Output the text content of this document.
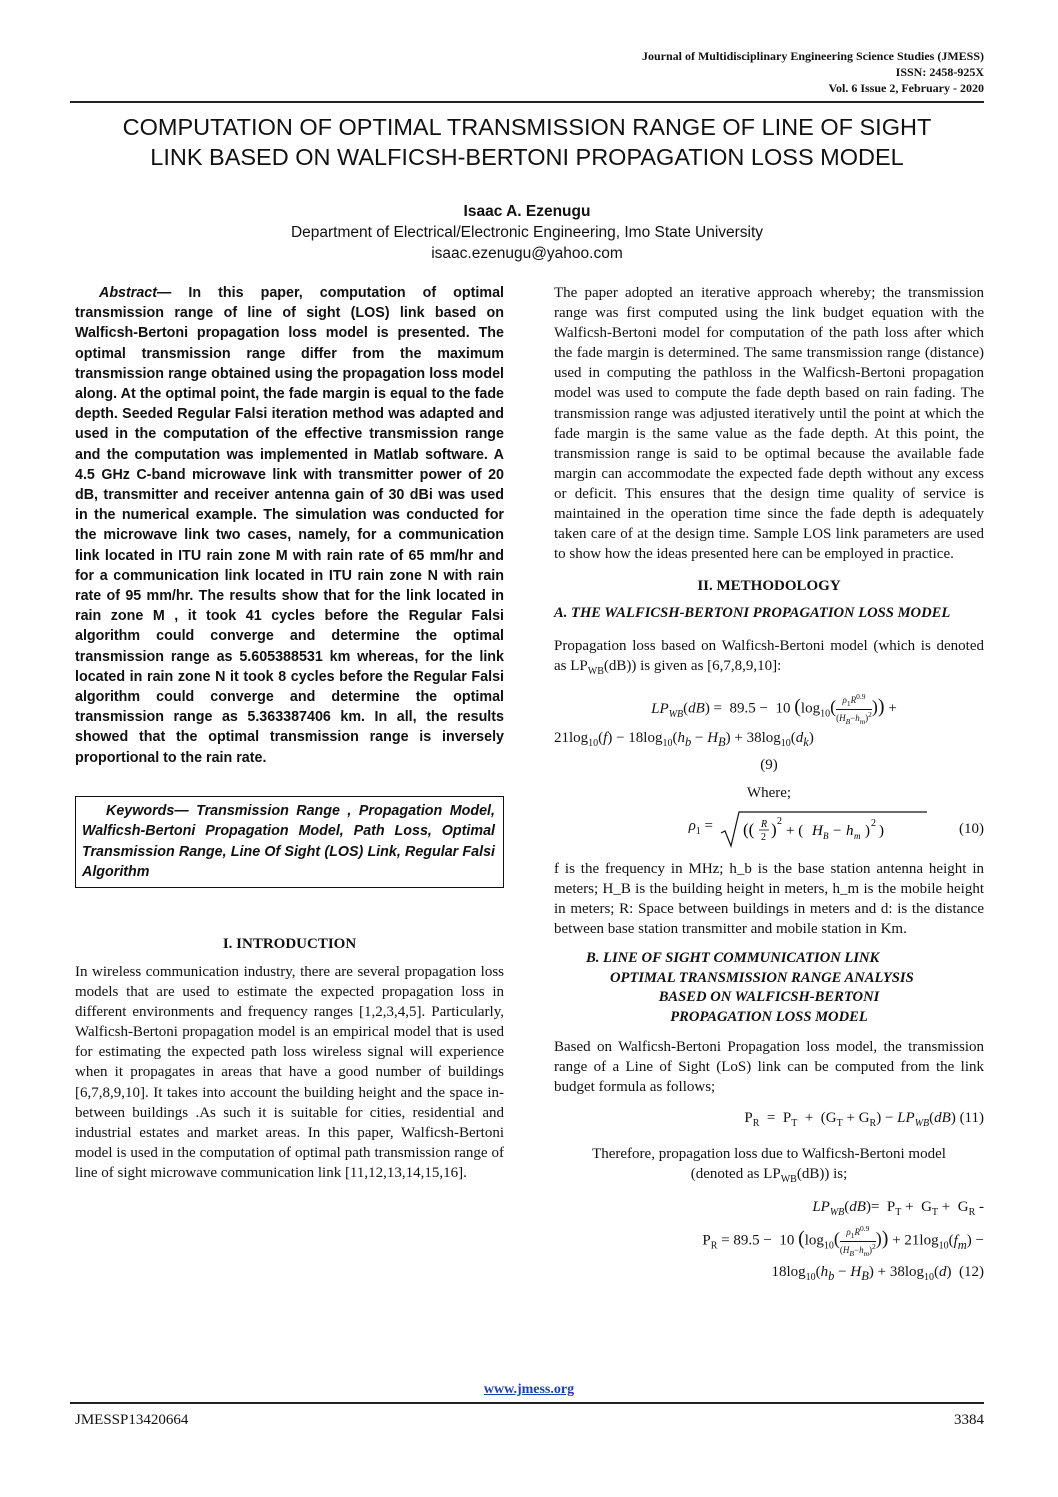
Journal of Multidisciplinary Engineering Science Studies (JMESS)
ISSN: 2458-925X
Vol. 6 Issue 2, February - 2020
COMPUTATION OF OPTIMAL TRANSMISSION RANGE OF LINE OF SIGHT
LINK BASED ON WALFICSH-BERTONI PROPAGATION LOSS MODEL
Isaac A. Ezenugu
Department of Electrical/Electronic Engineering, Imo State University
isaac.ezenugu@yahoo.com

Abstract— In this paper, computation of optimal transmission range of line of sight (LOS) link based on Walficsh-Bertoni propagation loss model is presented. The optimal transmission range differ from the maximum transmission range obtained using the propagation loss model along. At the optimal point, the fade margin is equal to the fade depth. Seeded Regular Falsi iteration method was adapted and used in the computation of the effective transmission range and the computation was implemented in Matlab software. A 4.5 GHz C-band microwave link with transmitter power of 20 dB, transmitter and receiver antenna gain of 30 dBi was used in the numerical example. The simulation was conducted for the microwave link two cases, namely, for a communication link located in ITU rain zone M with rain rate of 65 mm/hr and for a communication link located in ITU rain zone N with rain rate of 95 mm/hr. The results show that for the link located in rain zone M , it took 41 cycles before the Regular Falsi algorithm could converge and determine the optimal transmission range as 5.605388531 km whereas, for the link located in rain zone N it took 8 cycles before the Regular Falsi algorithm could converge and determine the optimal transmission range as 5.363387406 km. In all, the results showed that the optimal transmission range is inversely proportional to the rain rate.

Keywords— Transmission Range , Propagation Model, Walficsh-Bertoni Propagation Model, Path Loss, Optimal Transmission Range, Line Of Sight (LOS) Link, Regular Falsi Algorithm

I. INTRODUCTION

In wireless communication industry, there are several propagation loss models that are used to estimate the expected propagation loss in different environments and frequency ranges [1,2,3,4,5]. Particularly, Walficsh-Bertoni propagation model is an empirical model that is used for estimating the expected path loss wireless signal will experience when it propagates in areas that have a good number of buildings [6,7,8,9,10]. It takes into account the building height and the space in-between buildings .As such it is suitable for cities, residential and industrial estates and market areas. In this paper, Walficsh-Bertoni model is used in the computation of optimal path transmission range of line of sight microwave communication link [11,12,13,14,15,16].

The paper adopted an iterative approach whereby; the transmission range was first computed using the link budget equation with the Walficsh-Bertoni model for computation of the path loss after which the fade margin is determined. The same transmission range (distance) used in computing the pathloss in the Walficsh-Bertoni propagation model was used to compute the fade depth based on rain fading. The transmission range was adjusted iteratively until the point at which the fade margin is the same value as the fade depth. At this point, the transmission range is said to be optimal because the available fade margin can accommodate the expected fade depth without any excess or deficit. This ensures that the design time quality of service is maintained in the operation time since the fade depth is adequately taken care of at the design time. Sample LOS link parameters are used to show how the ideas presented here can be employed in practice.

II. METHODOLOGY

A. THE WALFICSH-BERTONI PROPAGATION LOSS MODEL

Propagation loss based on Walficsh-Bertoni model (which is denoted as $LP_{WB}(dB)$) is given as [6,7,8,9,10]:

$LP_{WB}(dB) = 89.5 - 10$ ($\log_{10}( \frac{\rho_1R^{0.9}}{(H_B-h_m)^2}$ )) +
$21\log_{10}(f) - 18\log_{10}(h_b - H_B) + 38\log_{10}(d_k)$
(9)

Where;

$\rho_1$ = (( R
2 ) 2
+ ( H B − h m ) 2 )	(10)

f is the frequency in MHz; h_b is the base station antenna height in meters; H_B is the building height in meters, h_m is the mobile height in meters; R: Space between buildings in meters and d: is the distance between base station transmitter and mobile station in Km.

B. LINE OF SIGHT COMMUNICATION LINK
OPTIMAL TRANSMISSION RANGE ANALYSIS
BASED ON WALFICSH-BERTONI
PROPAGATION LOSS MODEL

Based on Walficsh-Bertoni Propagation loss model, the transmission range of a Line of Sight (LoS) link can be computed from the link budget formula as follows;

$P_R = P_T + (G_T + G_R) - LP_{WB}(dB)$ (11)
Therefore, propagation loss due to Walficsh-Bertoni model
(denoted as $LP_{WB}(dB)$) is;
$LP_{WB}(dB)= P_T + G_T + G_R$ -
$P_R = 89.5 - 10$ ($\log_{10}( \frac{\rho_1R^{0.9}}{(H_B-h_m)^2}$ )) + $21\log_{10}(f_m)$ −
$18\log_{10}(h_b - H_B) + 38\log_{10}(d)$  (12)
www.jmess.org
JMESSP13420664	3384
